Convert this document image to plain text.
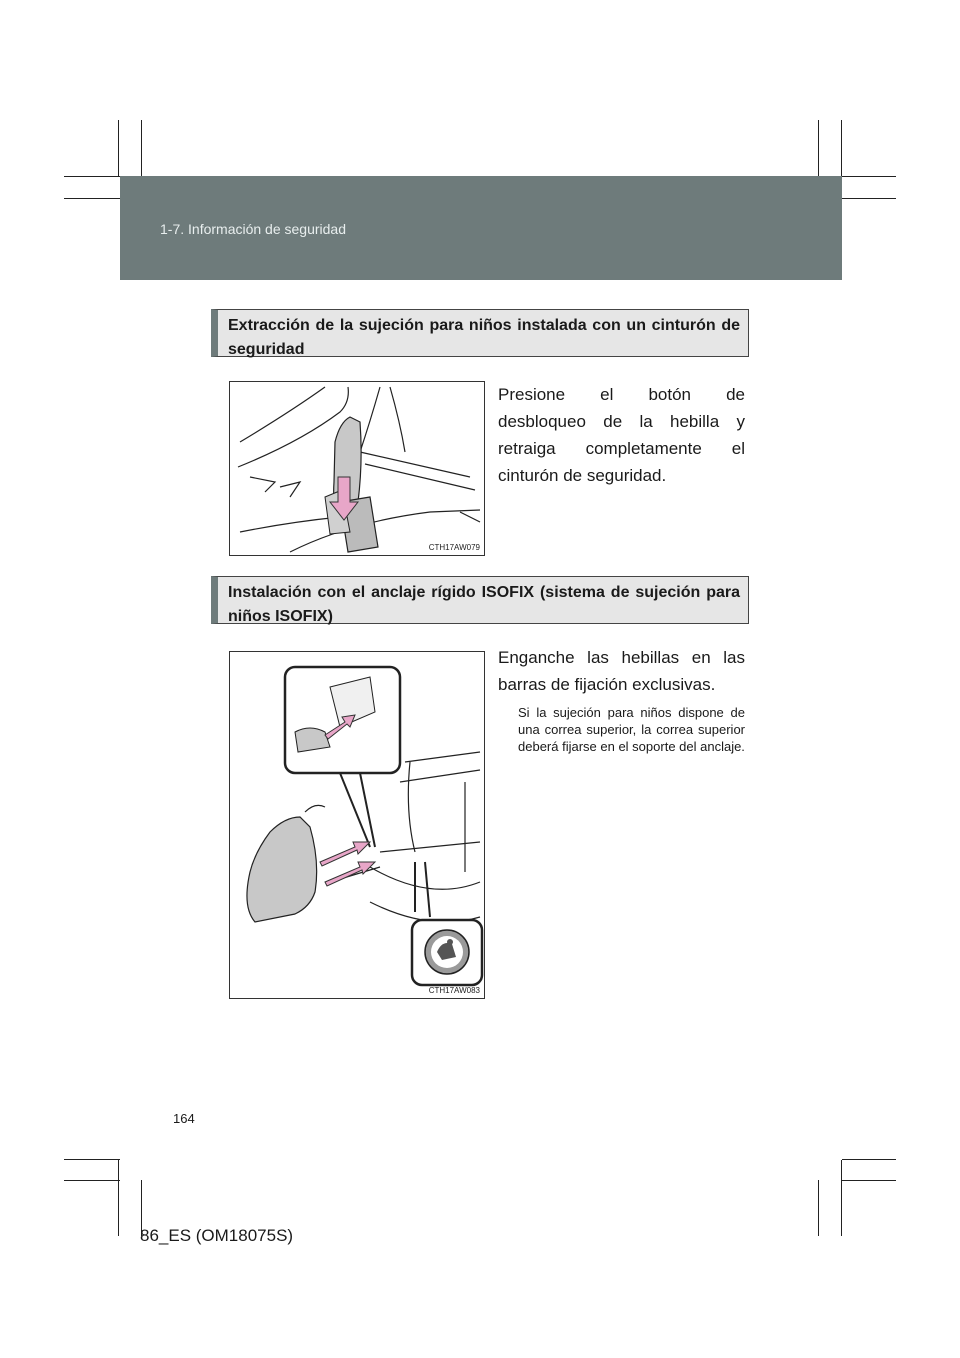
1-7. Información de seguridad
Extracción de la sujeción para niños instalada con un cinturón de seguridad
CTH17AW079
Presione el botón de desbloqueo de la hebilla y retraiga completamente el cinturón de seguridad.
Instalación con el anclaje rígido ISOFIX (sistema de sujeción para niños ISOFIX)
CTH17AW083
Enganche las hebillas en las barras de fijación exclusivas.
Si la sujeción para niños dispone de una correa superior, la correa superior deberá fijarse en el soporte del anclaje.
164
86_ES (OM18075S)
